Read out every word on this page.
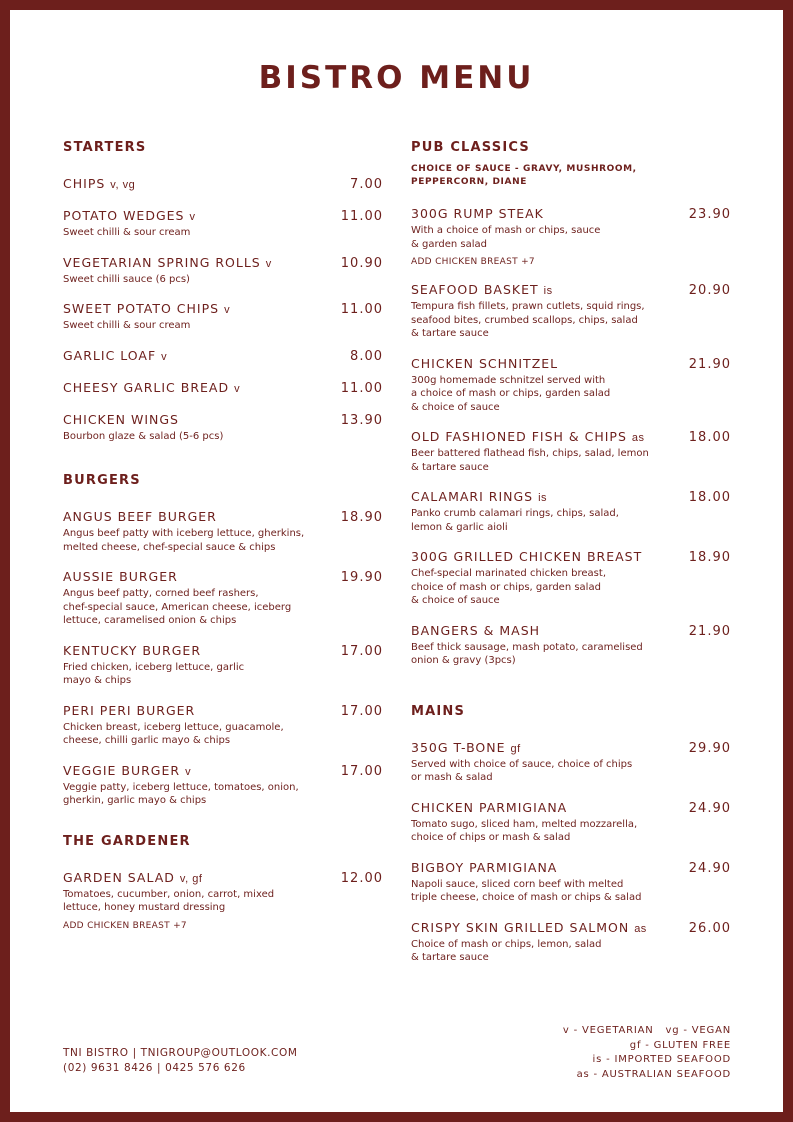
BISTRO MENU
STARTERS
CHIPS v, vg	7.00
POTATO WEDGES v	11.00
Sweet chilli & sour cream
VEGETARIAN SPRING ROLLS v	10.90
Sweet chilli sauce (6 pcs)
SWEET POTATO CHIPS v	11.00
Sweet chilli & sour cream
GARLIC LOAF v	8.00
CHEESY GARLIC BREAD v	11.00
CHICKEN WINGS	13.90
Bourbon glaze & salad (5-6 pcs)
BURGERS
ANGUS BEEF BURGER	18.90
Angus beef patty with iceberg lettuce, gherkins,
melted cheese, chef-special sauce & chips
AUSSIE BURGER	19.90
Angus beef patty, corned beef rashers,
chef-special sauce, American cheese, iceberg
lettuce, caramelised onion & chips
KENTUCKY BURGER	17.00
Fried chicken, iceberg lettuce, garlic
mayo & chips
PERI PERI BURGER	17.00
Chicken breast, iceberg lettuce, guacamole,
cheese, chilli garlic mayo & chips
VEGGIE BURGER v	17.00
Veggie patty, iceberg lettuce, tomatoes, onion,
gherkin, garlic mayo & chips
THE GARDENER
GARDEN SALAD v, gf	12.00
Tomatoes, cucumber, onion, carrot, mixed
lettuce, honey mustard dressing
ADD CHICKEN BREAST +7
PUB CLASSICS
CHOICE OF SAUCE - GRAVY, MUSHROOM, PEPPERCORN, DIANE
300G RUMP STEAK	23.90
With a choice of mash or chips, sauce
& garden salad
ADD CHICKEN BREAST +7
SEAFOOD BASKET is	20.90
Tempura fish fillets, prawn cutlets, squid rings,
seafood bites, crumbed scallops, chips, salad
& tartare sauce
CHICKEN SCHNITZEL	21.90
300g homemade schnitzel served with
a choice of mash or chips, garden salad
& choice of sauce
OLD FASHIONED FISH & CHIPS as	18.00
Beer battered flathead fish, chips, salad, lemon
& tartare sauce
CALAMARI RINGS is	18.00
Panko crumb calamari rings, chips, salad,
lemon & garlic aioli
300G GRILLED CHICKEN BREAST	18.90
Chef-special marinated chicken breast,
choice of mash or chips, garden salad
& choice of sauce
BANGERS & MASH	21.90
Beef thick sausage, mash potato, caramelised
onion & gravy (3pcs)
MAINS
350G T-BONE gf	29.90
Served with choice of sauce, choice of chips
or mash & salad
CHICKEN PARMIGIANA	24.90
Tomato sugo, sliced ham, melted mozzarella,
choice of chips or mash & salad
BIGBOY PARMIGIANA	24.90
Napoli sauce, sliced corn beef with melted
triple cheese, choice of mash or chips & salad
CRISPY SKIN GRILLED SALMON as	26.00
Choice of mash or chips, lemon, salad
& tartare sauce
TNI BISTRO | TNIGROUP@OUTLOOK.COM
(02) 9631 8426 | 0425 576 626
v - VEGETARIAN   vg - VEGAN
gf - GLUTEN FREE
is - IMPORTED SEAFOOD
as - AUSTRALIAN SEAFOOD
